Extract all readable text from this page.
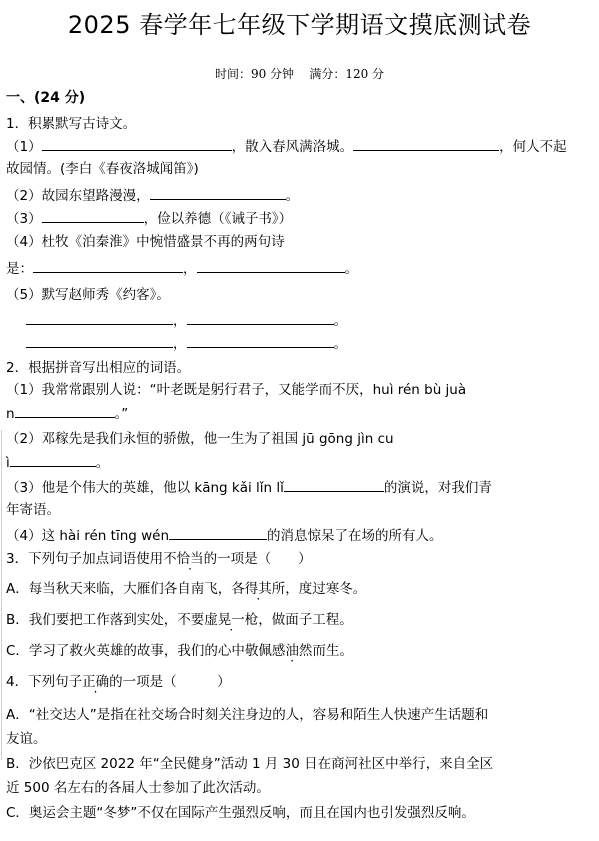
2025 春学年七年级下学期语文摸底测试卷
时间：90 分钟 满分：120 分
一、(24 分)
1．积累默写古诗文。
（1）	，散入春风满洛城。	，何人不起
故园情。(李白《春夜洛城闻笛》)
（2）故园东望路漫漫，	。
（3）	，俭以养德（《诫子书》）
（4）杜牧《泊秦淮》中惋惜盛景不再的两句诗
是：	，	。
（5）默写赵师秀《约客》。
，	。
，	。
2．根据拼音写出相应的词语。
（1）我常常跟别人说：“叶老既是躬行君子，又能学而不厌，huì rén bù juà
n	。”
（2）邓稼先是我们永恒的骄傲，他一生为了祖国 jū gōng jìn cu
ì	。
（3）他是个伟大的英雄，他以 kāng kǎi lǐn lǐ	的演说，对我们青
年寄语。
（4）这 hài rén tīng wén	的消息惊呆了在场的所有人。
3．下列句子加点词语使用不恰当的一项是（　　）
A．每当秋天来临，大雁们各自南飞，各得其所，度过寒冬。
B．我们要把工作落到实处，不要虚晃一枪，做面子工程。
C．学习了救火英雄的故事，我们的心中敬佩感油然而生 ·。
4．下列句子正确的一项是（　　　）
A．“社交达人”是指在社交场合时刻关注身边的人，容易和陌生人快速产生话题和
友谊。
B．沙依巴克区 2022 年“全民健身”活动 1 月 30 日在商河社区中举行，来自全区
近 500 名左右的各届人士参加了此次活动。
C．奥运会主题“冬梦”不仅在国际产生强烈反响，而且在国内也引发强烈反响。
